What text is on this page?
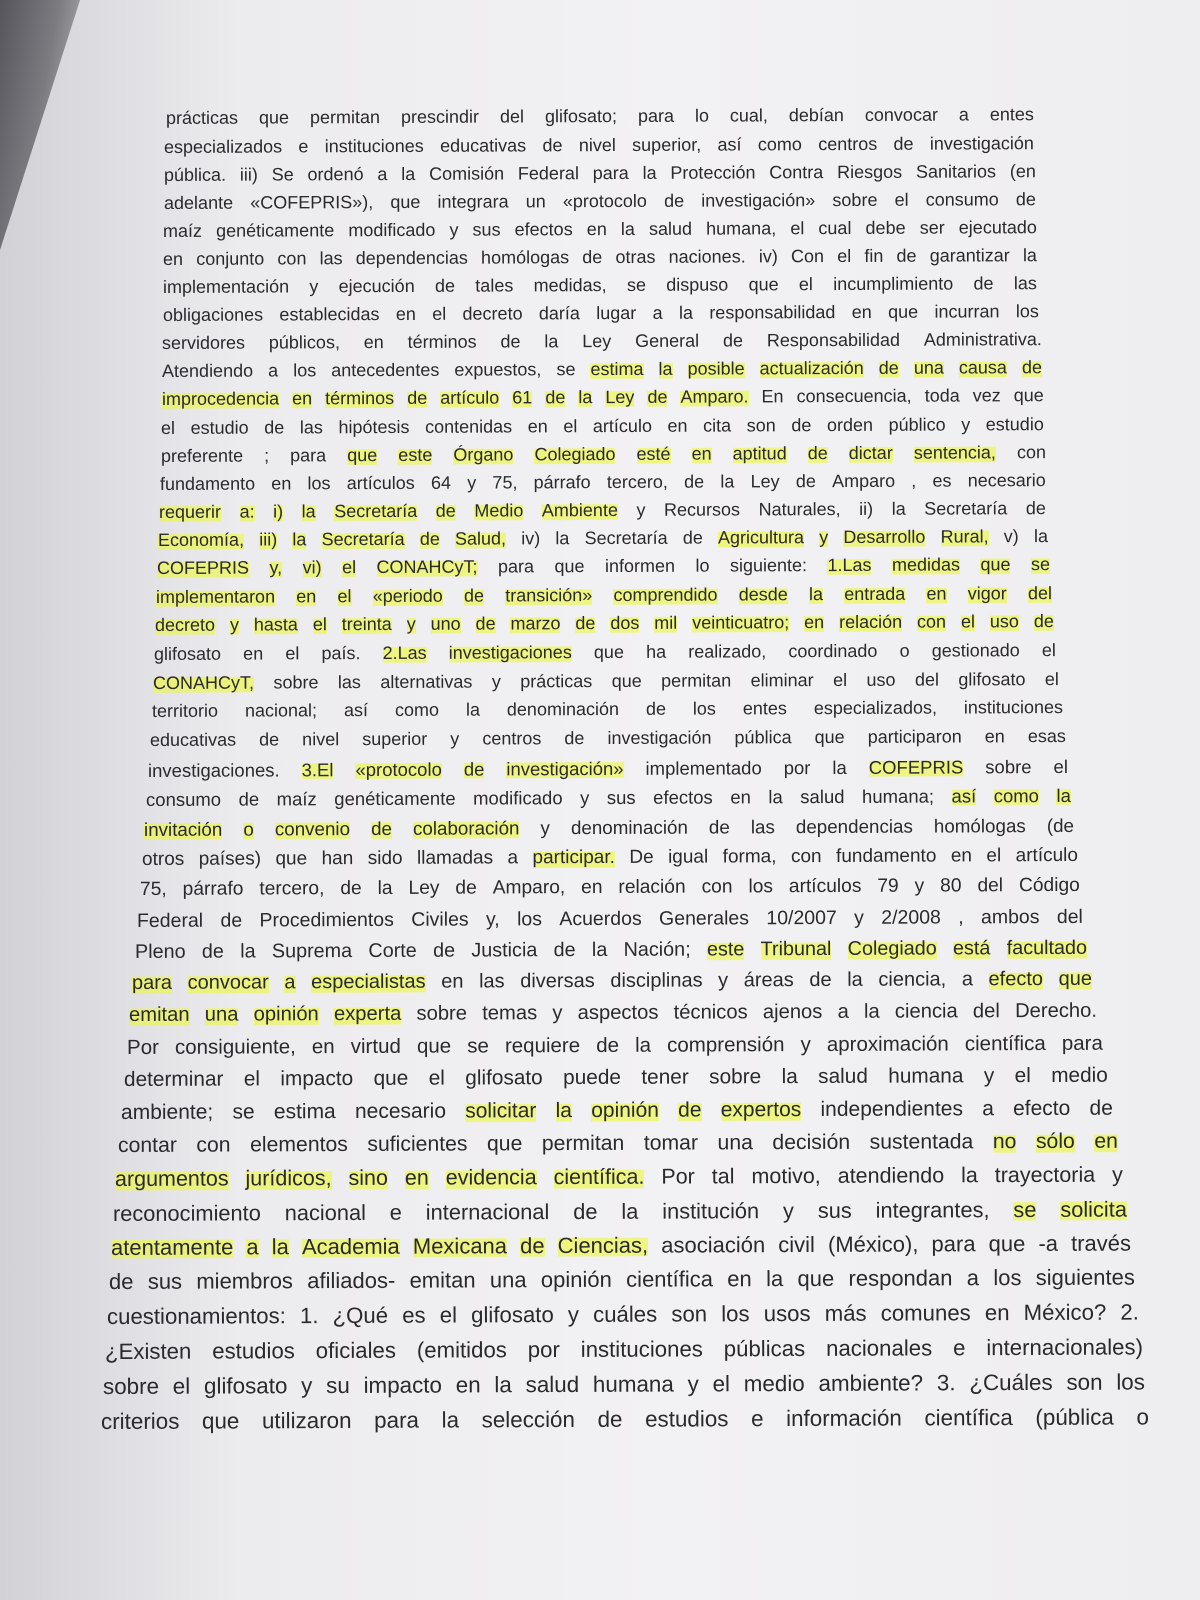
prácticas que permitan prescindir del glifosato; para lo cual, debían convocar a entes
especializados e instituciones educativas de nivel superior, así como centros de investigación
pública. iii) Se ordenó a la Comisión Federal para la Protección Contra Riesgos Sanitarios (en
adelante «COFEPRIS»), que integrara un «protocolo de investigación» sobre el consumo de
maíz genéticamente modificado y sus efectos en la salud humana, el cual debe ser ejecutado
en conjunto con las dependencias homólogas de otras naciones. iv) Con el fin de garantizar la
implementación y ejecución de tales medidas, se dispuso que el incumplimiento de las
obligaciones establecidas en el decreto daría lugar a la responsabilidad en que incurran los
servidores públicos, en términos de la Ley General de Responsabilidad Administrativa.
Atendiendo a los antecedentes expuestos, se estima la posible actualización de una causa de
improcedencia en términos de artículo 61 de la Ley de Amparo. En consecuencia, toda vez que
el estudio de las hipótesis contenidas en el artículo en cita son de orden público y estudio
preferente ; para que este Órgano Colegiado esté en aptitud de dictar sentencia, con
fundamento en los artículos 64 y 75, párrafo tercero, de la Ley de Amparo , es necesario
requerir a: i) la Secretaría de Medio Ambiente y Recursos Naturales, ii) la Secretaría de
Economía, iii) la Secretaría de Salud, iv) la Secretaría de Agricultura y Desarrollo Rural, v) la
COFEPRIS y, vi) el CONAHCyT; para que informen lo siguiente: 1.Las medidas que se
implementaron en el «periodo de transición» comprendido desde la entrada en vigor del
decreto y hasta el treinta y uno de marzo de dos mil veinticuatro; en relación con el uso de
glifosato en el país. 2.Las investigaciones que ha realizado, coordinado o gestionado el
CONAHCyT, sobre las alternativas y prácticas que permitan eliminar el uso del glifosato el
territorio nacional; así como la denominación de los entes especializados, instituciones
educativas de nivel superior y centros de investigación pública que participaron en esas
investigaciones. 3.El «protocolo de investigación» implementado por la COFEPRIS sobre el
consumo de maíz genéticamente modificado y sus efectos en la salud humana; así como la
invitación o convenio de colaboración y denominación de las dependencias homólogas (de
otros países) que han sido llamadas a participar. De igual forma, con fundamento en el artículo
75, párrafo tercero, de la Ley de Amparo, en relación con los artículos 79 y 80 del Código
Federal de Procedimientos Civiles y, los Acuerdos Generales 10/2007 y 2/2008 , ambos del
Pleno de la Suprema Corte de Justicia de la Nación; este Tribunal Colegiado está facultado
para convocar a especialistas en las diversas disciplinas y áreas de la ciencia, a efecto que
emitan una opinión experta sobre temas y aspectos técnicos ajenos a la ciencia del Derecho.
Por consiguiente, en virtud que se requiere de la comprensión y aproximación científica para
determinar el impacto que el glifosato puede tener sobre la salud humana y el medio
ambiente; se estima necesario solicitar la opinión de expertos independientes a efecto de
contar con elementos suficientes que permitan tomar una decisión sustentada no sólo en
argumentos jurídicos, sino en evidencia científica. Por tal motivo, atendiendo la trayectoria y
reconocimiento nacional e internacional de la institución y sus integrantes, se solicita
atentamente a la Academia Mexicana de Ciencias, asociación civil (México), para que -a través
de sus miembros afiliados- emitan una opinión científica en la que respondan a los siguientes
cuestionamientos: 1. ¿Qué es el glifosato y cuáles son los usos más comunes en México? 2.
¿Existen estudios oficiales (emitidos por instituciones públicas nacionales e internacionales)
sobre el glifosato y su impacto en la salud humana y el medio ambiente? 3. ¿Cuáles son los
criterios que utilizaron para la selección de estudios e información científica (pública o
